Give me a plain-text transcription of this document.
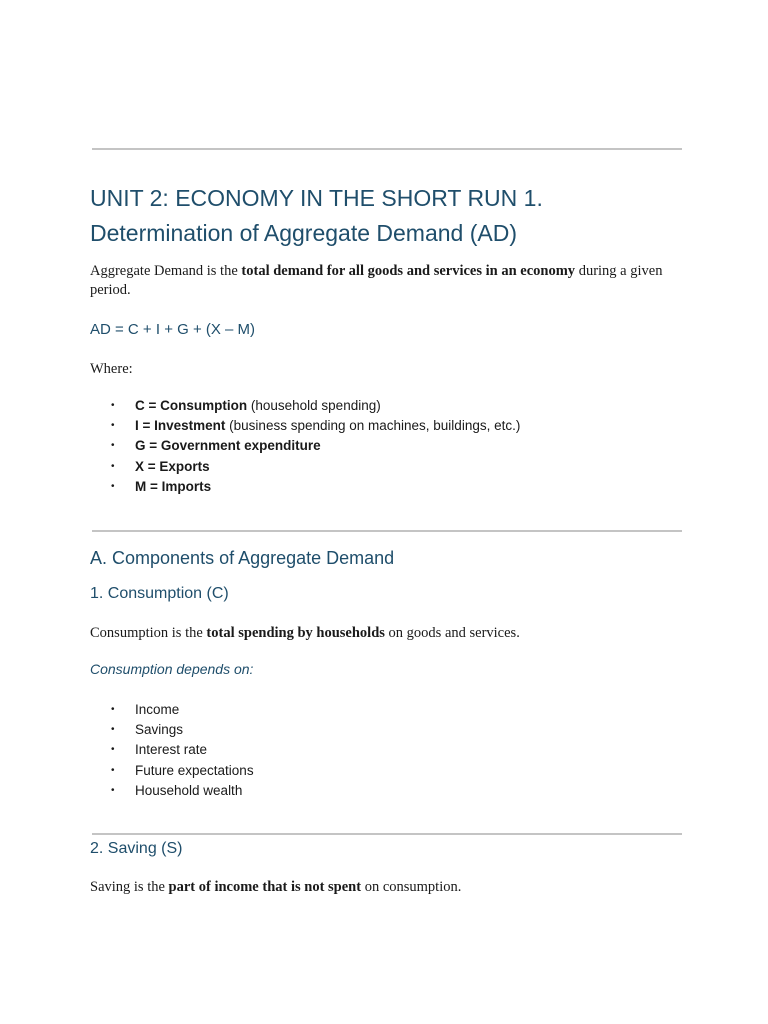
UNIT 2: ECONOMY IN THE SHORT RUN 1. Determination of Aggregate Demand (AD)

Aggregate Demand is the total demand for all goods and services in an economy during a given period.

AD = C + I + G + (X – M)

Where:

• C = Consumption (household spending)
• I = Investment (business spending on machines, buildings, etc.)
• G = Government expenditure
• X = Exports
• M = Imports
A. Components of Aggregate Demand
1. Consumption (C)

Consumption is the total spending by households on goods and services.

Consumption depends on:

• Income
• Savings
• Interest rate
• Future expectations
• Household wealth
2. Saving (S)

Saving is the part of income that is not spent on consumption.
